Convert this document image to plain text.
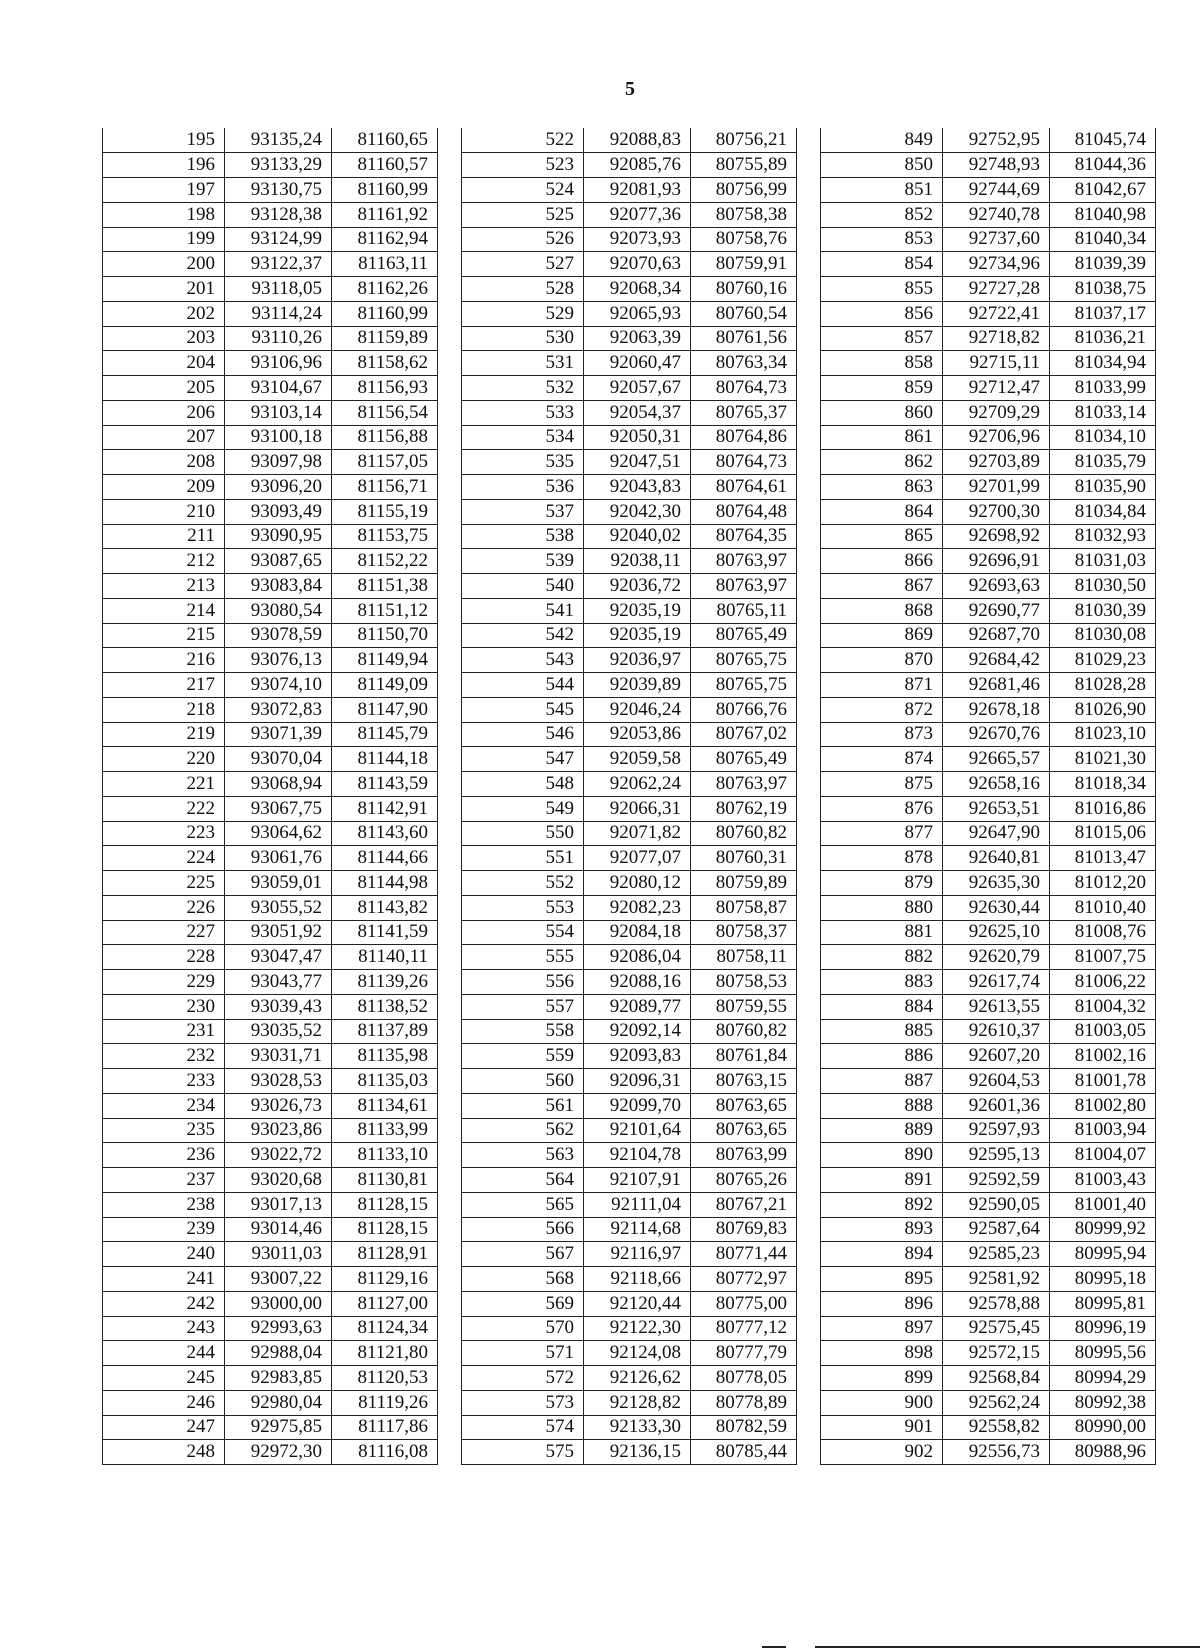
5
195	93135,24	81160,65
196	93133,29	81160,57
197	93130,75	81160,99
198	93128,38	81161,92
199	93124,99	81162,94
200	93122,37	81163,11
201	93118,05	81162,26
202	93114,24	81160,99
203	93110,26	81159,89
204	93106,96	81158,62
205	93104,67	81156,93
206	93103,14	81156,54
207	93100,18	81156,88
208	93097,98	81157,05
209	93096,20	81156,71
210	93093,49	81155,19
211	93090,95	81153,75
212	93087,65	81152,22
213	93083,84	81151,38
214	93080,54	81151,12
215	93078,59	81150,70
216	93076,13	81149,94
217	93074,10	81149,09
218	93072,83	81147,90
219	93071,39	81145,79
220	93070,04	81144,18
221	93068,94	81143,59
222	93067,75	81142,91
223	93064,62	81143,60
224	93061,76	81144,66
225	93059,01	81144,98
226	93055,52	81143,82
227	93051,92	81141,59
228	93047,47	81140,11
229	93043,77	81139,26
230	93039,43	81138,52
231	93035,52	81137,89
232	93031,71	81135,98
233	93028,53	81135,03
234	93026,73	81134,61
235	93023,86	81133,99
236	93022,72	81133,10
237	93020,68	81130,81
238	93017,13	81128,15
239	93014,46	81128,15
240	93011,03	81128,91
241	93007,22	81129,16
242	93000,00	81127,00
243	92993,63	81124,34
244	92988,04	81121,80
245	92983,85	81120,53
246	92980,04	81119,26
247	92975,85	81117,86
248	92972,30	81116,08
522	92088,83	80756,21
523	92085,76	80755,89
524	92081,93	80756,99
525	92077,36	80758,38
526	92073,93	80758,76
527	92070,63	80759,91
528	92068,34	80760,16
529	92065,93	80760,54
530	92063,39	80761,56
531	92060,47	80763,34
532	92057,67	80764,73
533	92054,37	80765,37
534	92050,31	80764,86
535	92047,51	80764,73
536	92043,83	80764,61
537	92042,30	80764,48
538	92040,02	80764,35
539	92038,11	80763,97
540	92036,72	80763,97
541	92035,19	80765,11
542	92035,19	80765,49
543	92036,97	80765,75
544	92039,89	80765,75
545	92046,24	80766,76
546	92053,86	80767,02
547	92059,58	80765,49
548	92062,24	80763,97
549	92066,31	80762,19
550	92071,82	80760,82
551	92077,07	80760,31
552	92080,12	80759,89
553	92082,23	80758,87
554	92084,18	80758,37
555	92086,04	80758,11
556	92088,16	80758,53
557	92089,77	80759,55
558	92092,14	80760,82
559	92093,83	80761,84
560	92096,31	80763,15
561	92099,70	80763,65
562	92101,64	80763,65
563	92104,78	80763,99
564	92107,91	80765,26
565	92111,04	80767,21
566	92114,68	80769,83
567	92116,97	80771,44
568	92118,66	80772,97
569	92120,44	80775,00
570	92122,30	80777,12
571	92124,08	80777,79
572	92126,62	80778,05
573	92128,82	80778,89
574	92133,30	80782,59
575	92136,15	80785,44
849	92752,95	81045,74
850	92748,93	81044,36
851	92744,69	81042,67
852	92740,78	81040,98
853	92737,60	81040,34
854	92734,96	81039,39
855	92727,28	81038,75
856	92722,41	81037,17
857	92718,82	81036,21
858	92715,11	81034,94
859	92712,47	81033,99
860	92709,29	81033,14
861	92706,96	81034,10
862	92703,89	81035,79
863	92701,99	81035,90
864	92700,30	81034,84
865	92698,92	81032,93
866	92696,91	81031,03
867	92693,63	81030,50
868	92690,77	81030,39
869	92687,70	81030,08
870	92684,42	81029,23
871	92681,46	81028,28
872	92678,18	81026,90
873	92670,76	81023,10
874	92665,57	81021,30
875	92658,16	81018,34
876	92653,51	81016,86
877	92647,90	81015,06
878	92640,81	81013,47
879	92635,30	81012,20
880	92630,44	81010,40
881	92625,10	81008,76
882	92620,79	81007,75
883	92617,74	81006,22
884	92613,55	81004,32
885	92610,37	81003,05
886	92607,20	81002,16
887	92604,53	81001,78
888	92601,36	81002,80
889	92597,93	81003,94
890	92595,13	81004,07
891	92592,59	81003,43
892	92590,05	81001,40
893	92587,64	80999,92
894	92585,23	80995,94
895	92581,92	80995,18
896	92578,88	80995,81
897	92575,45	80996,19
898	92572,15	80995,56
899	92568,84	80994,29
900	92562,24	80992,38
901	92558,82	80990,00
902	92556,73	80988,96
